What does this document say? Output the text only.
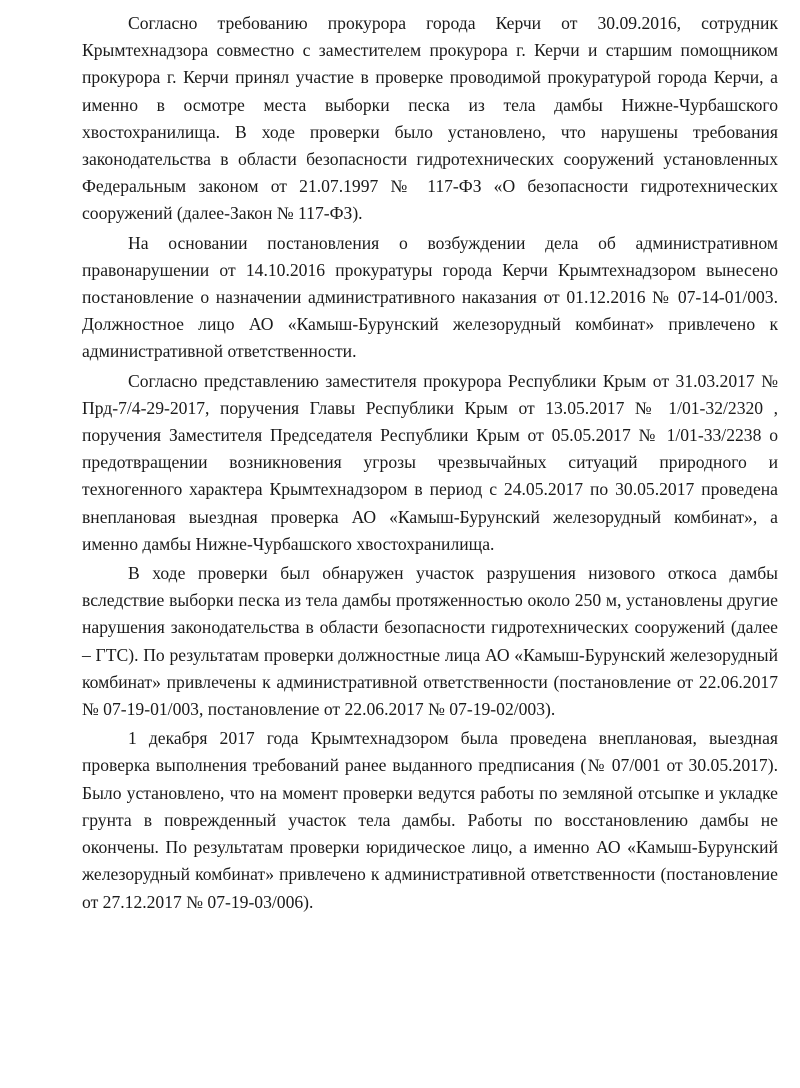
Согласно требованию прокурора города Керчи от 30.09.2016, сотрудник Крымтехнадзора совместно с заместителем прокурора г. Керчи и старшим помощником прокурора г. Керчи принял участие в проверке проводимой прокуратурой города Керчи, а именно в осмотре места выборки песка из тела дамбы Нижне-Чурбашского хвостохранилища. В ходе проверки было установлено, что нарушены требования законодательства в области безопасности гидротехнических сооружений установленных Федеральным законом от 21.07.1997 № 117-ФЗ «О безопасности гидротехнических сооружений (далее-Закон № 117-ФЗ).

На основании постановления о возбуждении дела об административном правонарушении от 14.10.2016 прокуратуры города Керчи Крымтехнадзором вынесено постановление о назначении административного наказания от 01.12.2016 № 07-14-01/003. Должностное лицо АО «Камыш-Бурунский железорудный комбинат» привлечено к административной ответственности.

Согласно представлению заместителя прокурора Республики Крым от 31.03.2017 № Прд-7/4-29-2017, поручения Главы Республики Крым от 13.05.2017 № 1/01-32/2320 , поручения Заместителя Председателя Республики Крым от 05.05.2017 № 1/01-33/2238 о предотвращении возникновения угрозы чрезвычайных ситуаций природного и техногенного характера Крымтехнадзором в период с 24.05.2017 по 30.05.2017 проведена внеплановая выездная проверка АО «Камыш-Бурунский железорудный комбинат», а именно дамбы Нижне-Чурбашского хвостохранилища.

В ходе проверки был обнаружен участок разрушения низового откоса дамбы вследствие выборки песка из тела дамбы протяженностью около 250 м, установлены другие нарушения законодательства в области безопасности гидротехнических сооружений (далее – ГТС). По результатам проверки должностные лица АО «Камыш-Бурунский железорудный комбинат» привлечены к административной ответственности (постановление от 22.06.2017 № 07-19-01/003, постановление от 22.06.2017 № 07-19-02/003).

1 декабря 2017 года Крымтехнадзором была проведена внеплановая, выездная проверка выполнения требований ранее выданного предписания (№ 07/001 от 30.05.2017). Было установлено, что на момент проверки ведутся работы по земляной отсыпке и укладке грунта в поврежденный участок тела дамбы. Работы по восстановлению дамбы не окончены. По результатам проверки юридическое лицо, а именно АО «Камыш-Бурунский железорудный комбинат» привлечено к административной ответственности (постановление от 27.12.2017 № 07-19-03/006).
